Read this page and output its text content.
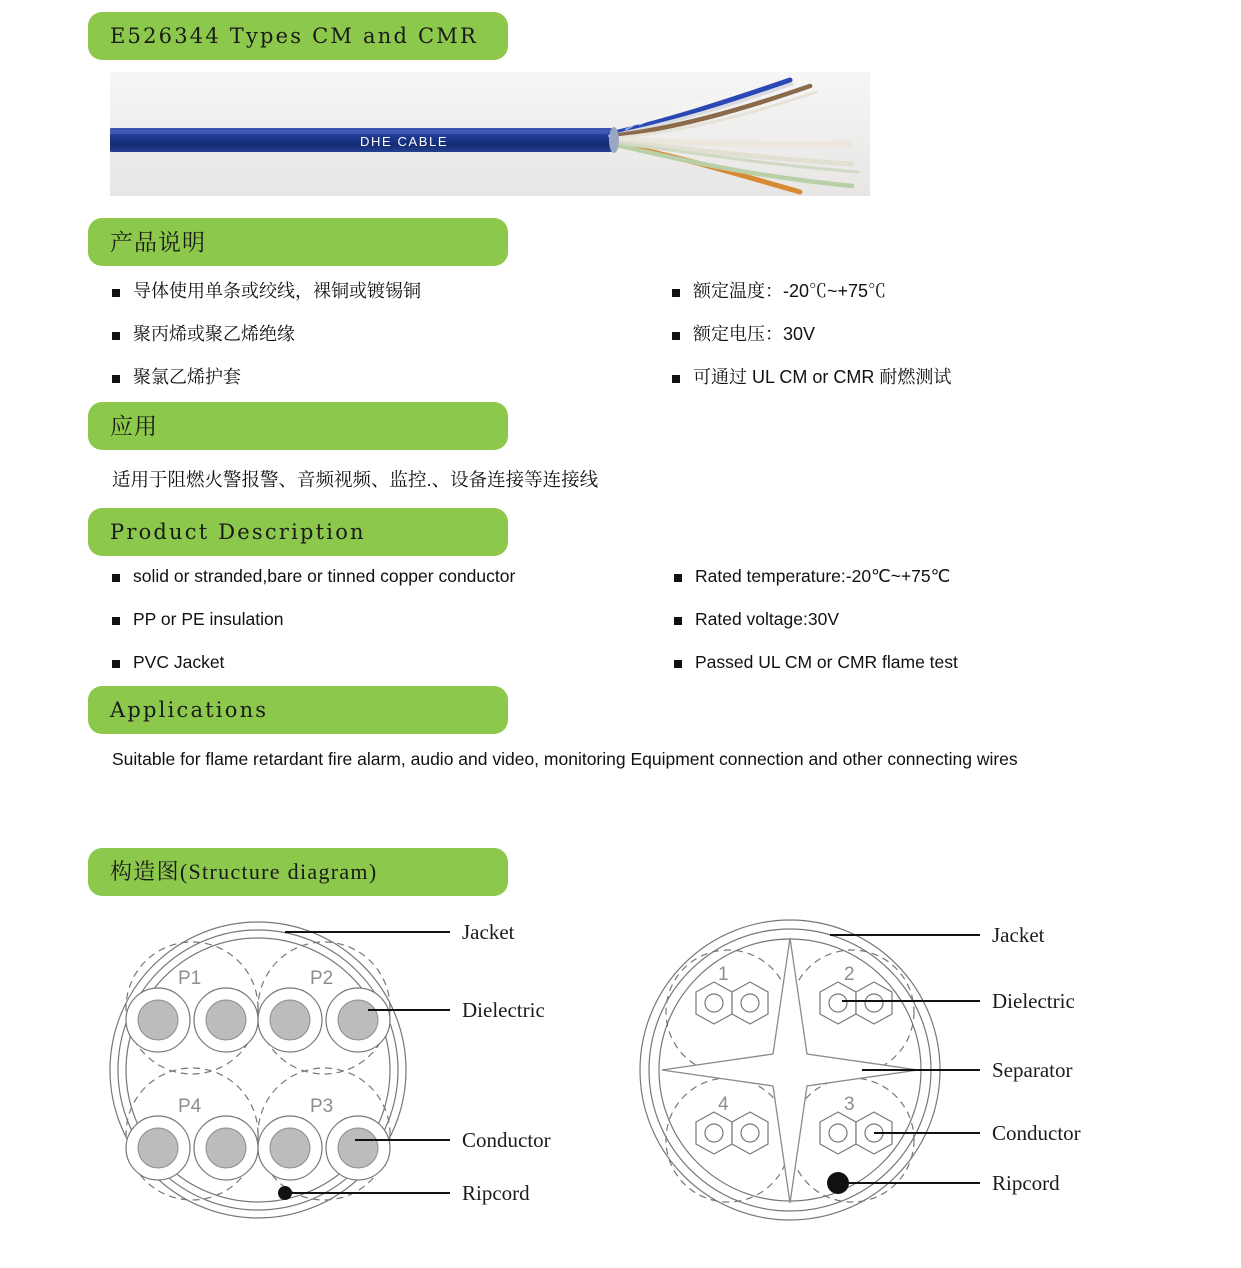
E526344 Types CM and CMR
DHE CABLE
产品说明
导体使用单条或绞线，裸铜或镀锡铜
聚丙烯或聚乙烯绝缘
聚氯乙烯护套
额定温度：-20℃~+75℃
额定电压：30V
可通过 UL CM or CMR 耐燃测试
应用
适用于阻燃火警报警、音频视频、监控.、设备连接等连接线
Product Description
solid or stranded,bare or tinned copper conductor
PP or PE insulation
PVC Jacket
Rated temperature:-20℃~+75℃
Rated voltage:30V
Passed UL CM or CMR flame test
Applications
Suitable for flame retardant fire alarm, audio and video, monitoring Equipment connection and other connecting wires
构造图(Structure diagram)
P1	P2
P4	P3
Jacket
Dielectric
Conductor
Ripcord
1	2
4	3
Jacket
Dielectric
Separator
Conductor
Ripcord
